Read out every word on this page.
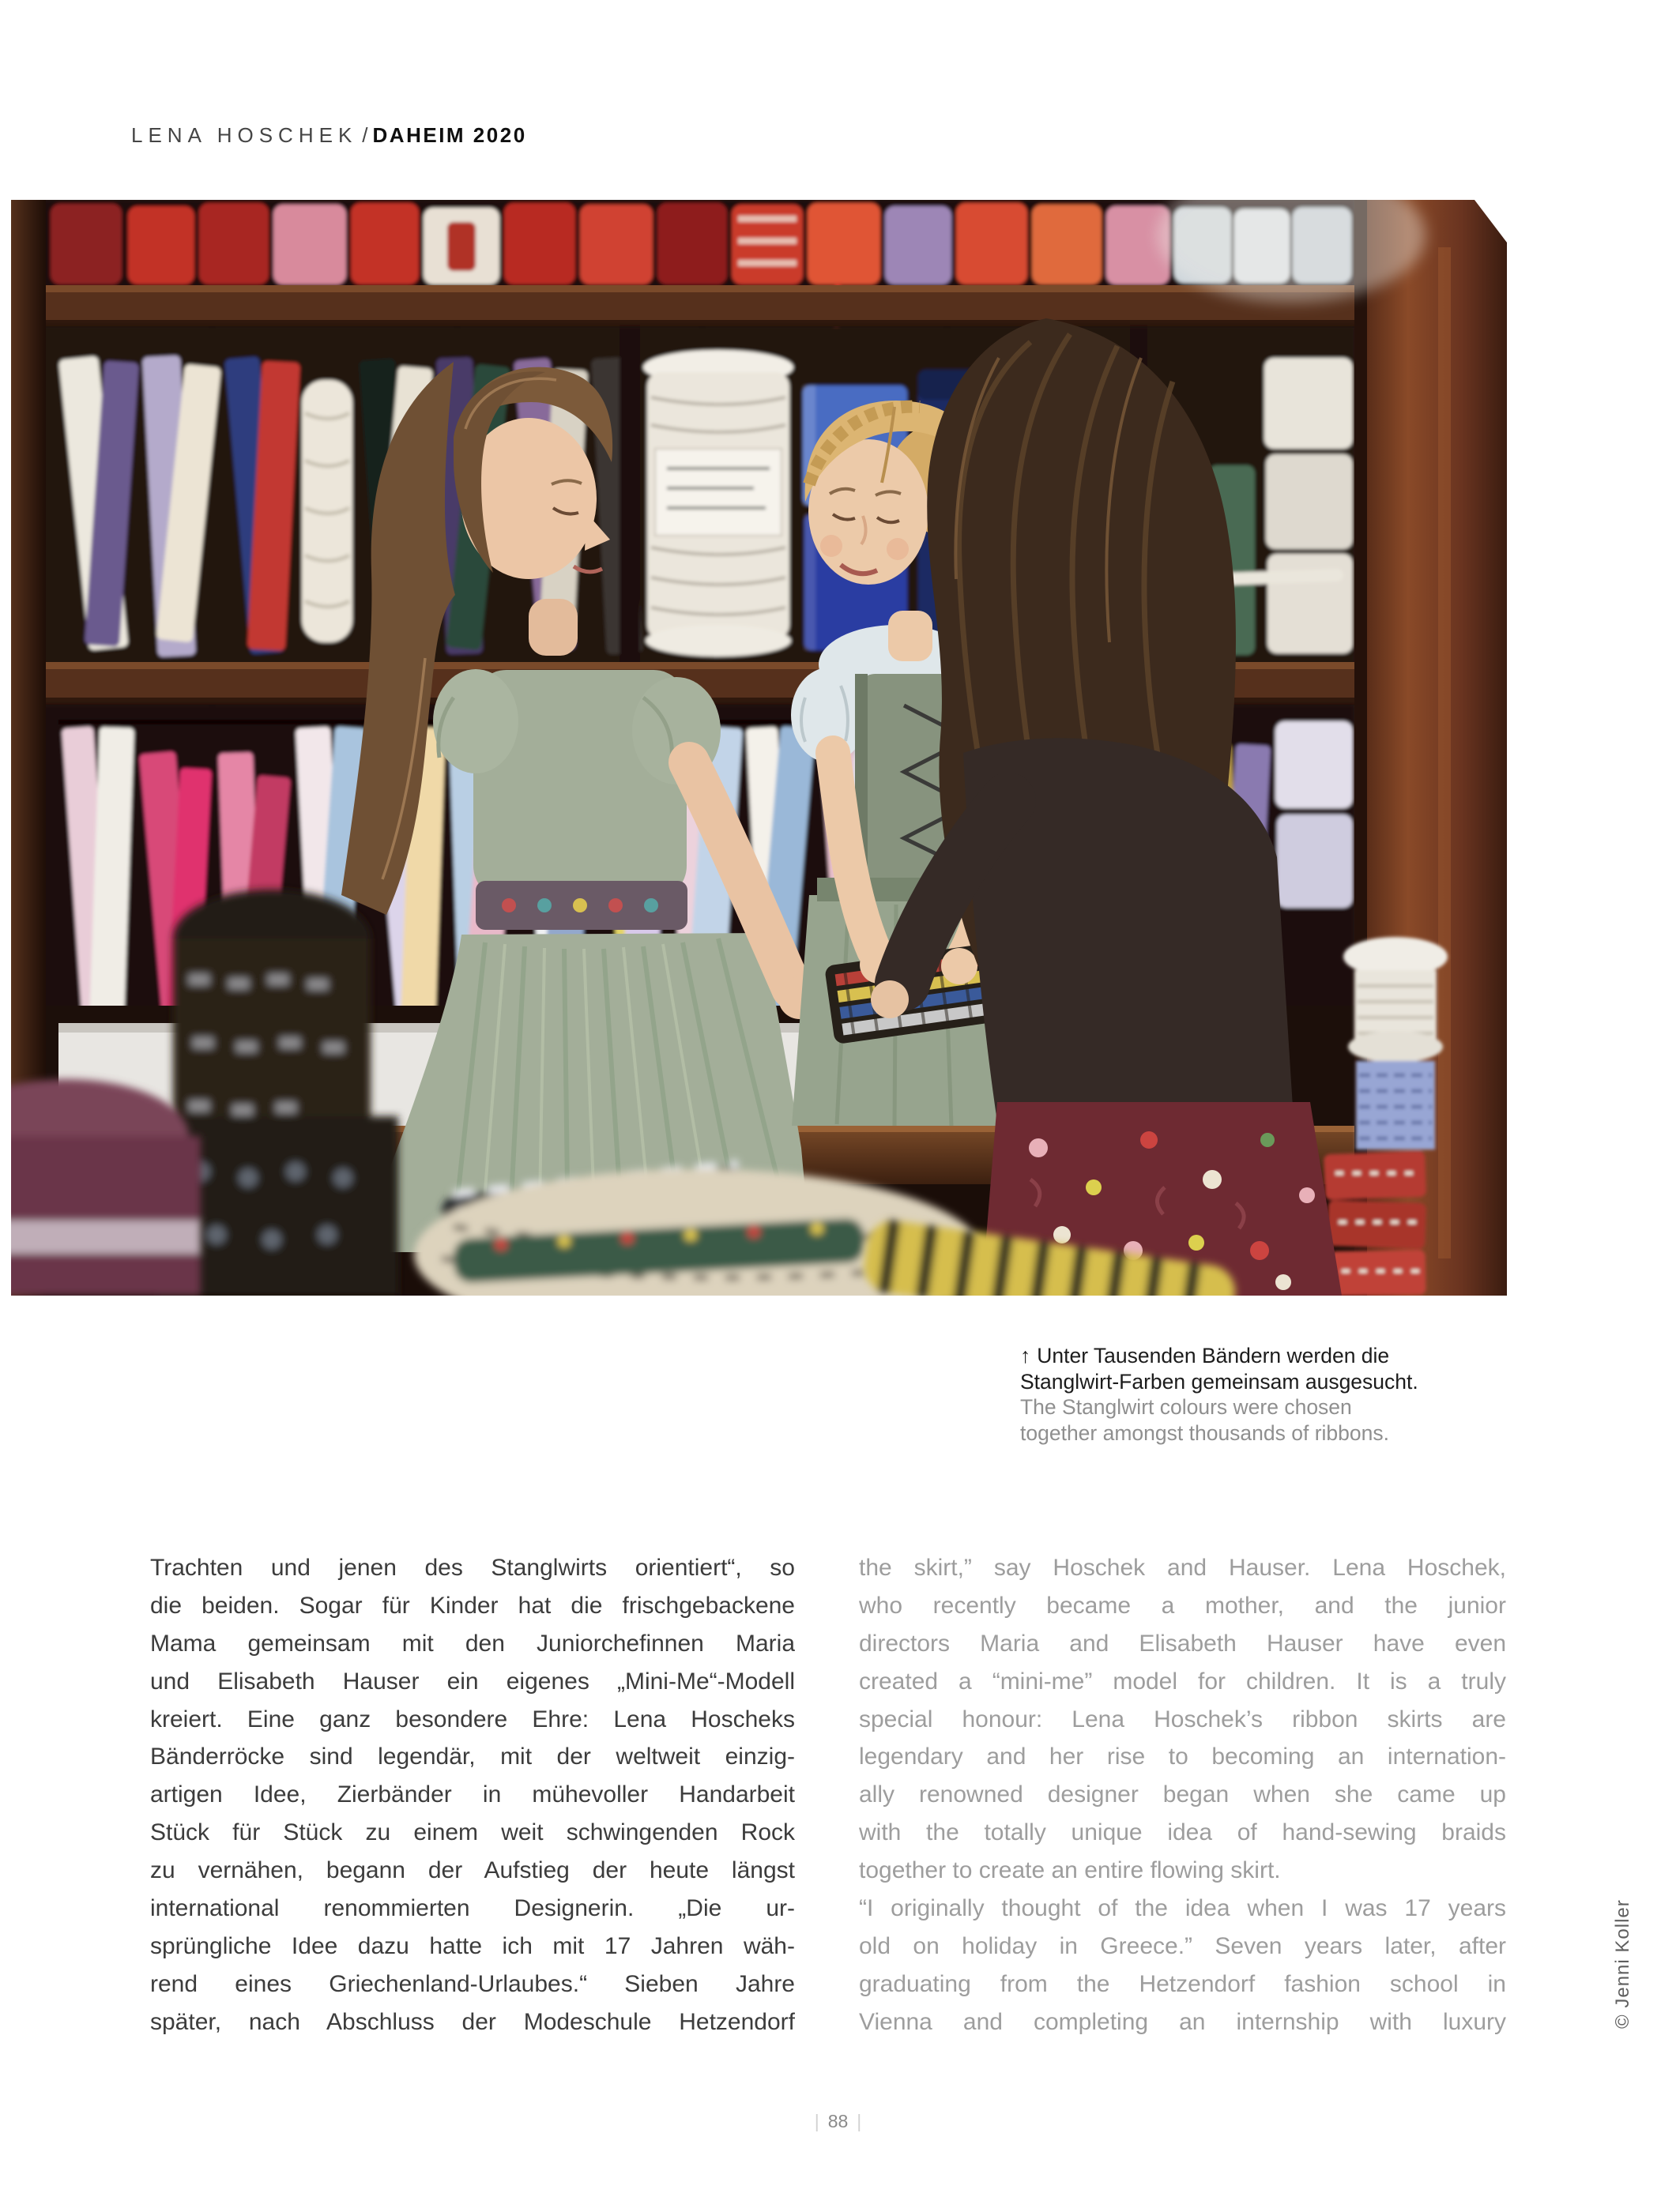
LENA HOSCHEK / DAHEIM 2020
↑ Unter Tausenden Bändern werden die
Stanglwirt-Farben gemeinsam ausgesucht.
The Stanglwirt colours were chosen
together amongst thousands of ribbons.
Trachten und jenen des Stanglwirts orientiert“, so
die beiden. Sogar für Kinder hat die frischgebackene
Mama gemeinsam mit den Juniorchefinnen Maria
und Elisabeth Hauser ein eigenes „Mini-Me“-Modell
kreiert. Eine ganz besondere Ehre: Lena Hoscheks
Bänderröcke sind legendär, mit der weltweit einzig-
artigen Idee, Zierbänder in mühevoller Handarbeit
Stück für Stück zu einem weit schwingenden Rock
zu vernähen, begann der Aufstieg der heute längst
international renommierten Designerin. „Die ur-
sprüngliche Idee dazu hatte ich mit 17 Jahren wäh-
rend eines Griechenland-Urlaubes.“ Sieben Jahre
später, nach Abschluss der Modeschule Hetzendorf
the skirt,” say Hoschek and Hauser. Lena Hoschek,
who recently became a mother, and the junior
directors Maria and Elisabeth Hauser have even
created a “mini-me” model for children. It is a truly
special honour: Lena Hoschek’s ribbon skirts are
legendary and her rise to becoming an internation-
ally renowned designer began when she came up
with the totally unique idea of hand-sewing braids
together to create an entire flowing skirt.
“I originally thought of the idea when I was 17 years
old on holiday in Greece.” Seven years later, after
graduating from the Hetzendorf fashion school in
Vienna and completing an internship with luxury	© Jenni Koller
| 88 |
